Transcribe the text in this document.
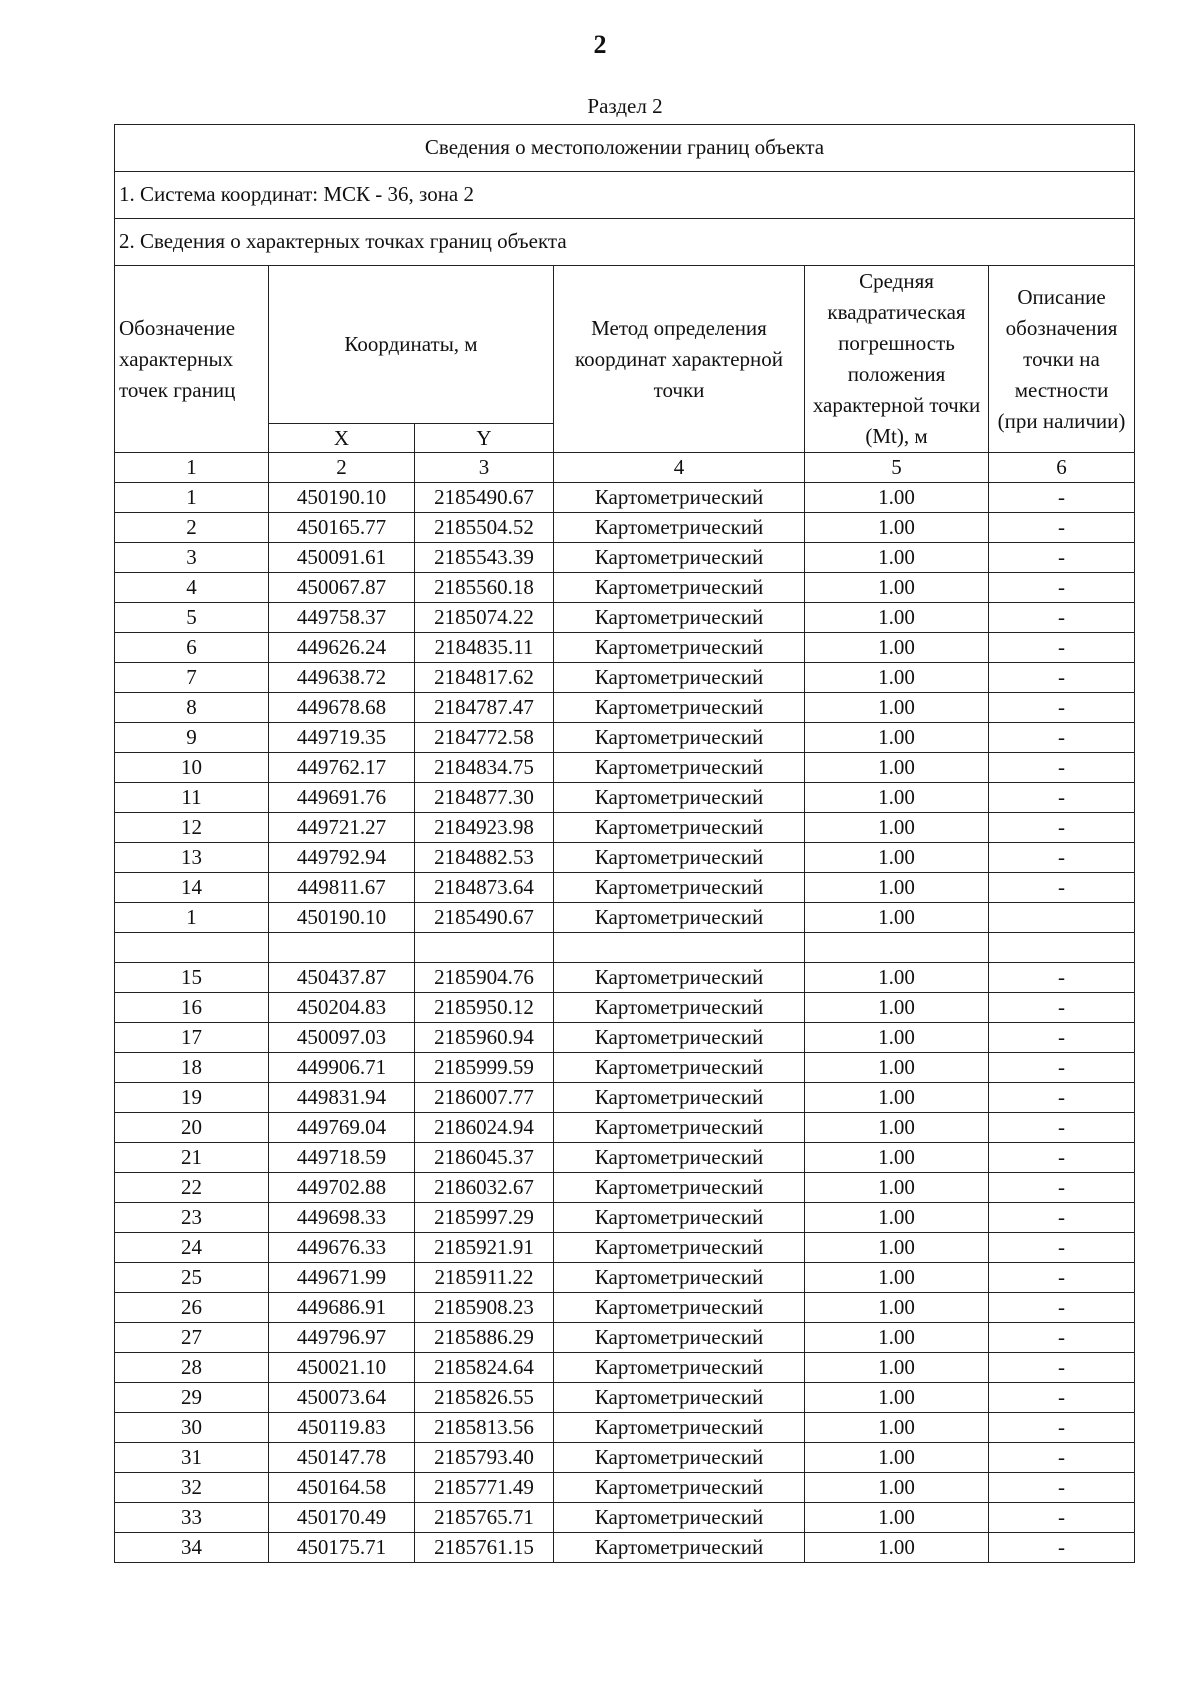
2
Раздел 2
Сведения о местоположении границ объекта					
1. Система координат: МСК - 36, зона 2					
2. Сведения о характерных точках границ объекта					
Обозначение характерных точек границ	Координаты, м		Метод определения координат характерной точки	Средняя квадратическая погрешность положения характерной точки (Mt), м	Описание обозначения точки на местности (при наличии)
	X	Y			
1	2	3	4	5	6
1	450190.10	2185490.67	Картометрический	1.00	-
2	450165.77	2185504.52	Картометрический	1.00	-
3	450091.61	2185543.39	Картометрический	1.00	-
4	450067.87	2185560.18	Картометрический	1.00	-
5	449758.37	2185074.22	Картометрический	1.00	-
6	449626.24	2184835.11	Картометрический	1.00	-
7	449638.72	2184817.62	Картометрический	1.00	-
8	449678.68	2184787.47	Картометрический	1.00	-
9	449719.35	2184772.58	Картометрический	1.00	-
10	449762.17	2184834.75	Картометрический	1.00	-
11	449691.76	2184877.30	Картометрический	1.00	-
12	449721.27	2184923.98	Картометрический	1.00	-
13	449792.94	2184882.53	Картометрический	1.00	-
14	449811.67	2184873.64	Картометрический	1.00	-
1	450190.10	2185490.67	Картометрический	1.00	

15	450437.87	2185904.76	Картометрический	1.00	-
16	450204.83	2185950.12	Картометрический	1.00	-
17	450097.03	2185960.94	Картометрический	1.00	-
18	449906.71	2185999.59	Картометрический	1.00	-
19	449831.94	2186007.77	Картометрический	1.00	-
20	449769.04	2186024.94	Картометрический	1.00	-
21	449718.59	2186045.37	Картометрический	1.00	-
22	449702.88	2186032.67	Картометрический	1.00	-
23	449698.33	2185997.29	Картометрический	1.00	-
24	449676.33	2185921.91	Картометрический	1.00	-
25	449671.99	2185911.22	Картометрический	1.00	-
26	449686.91	2185908.23	Картометрический	1.00	-
27	449796.97	2185886.29	Картометрический	1.00	-
28	450021.10	2185824.64	Картометрический	1.00	-
29	450073.64	2185826.55	Картометрический	1.00	-
30	450119.83	2185813.56	Картометрический	1.00	-
31	450147.78	2185793.40	Картометрический	1.00	-
32	450164.58	2185771.49	Картометрический	1.00	-
33	450170.49	2185765.71	Картометрический	1.00	-
34	450175.71	2185761.15	Картометрический	1.00	-
